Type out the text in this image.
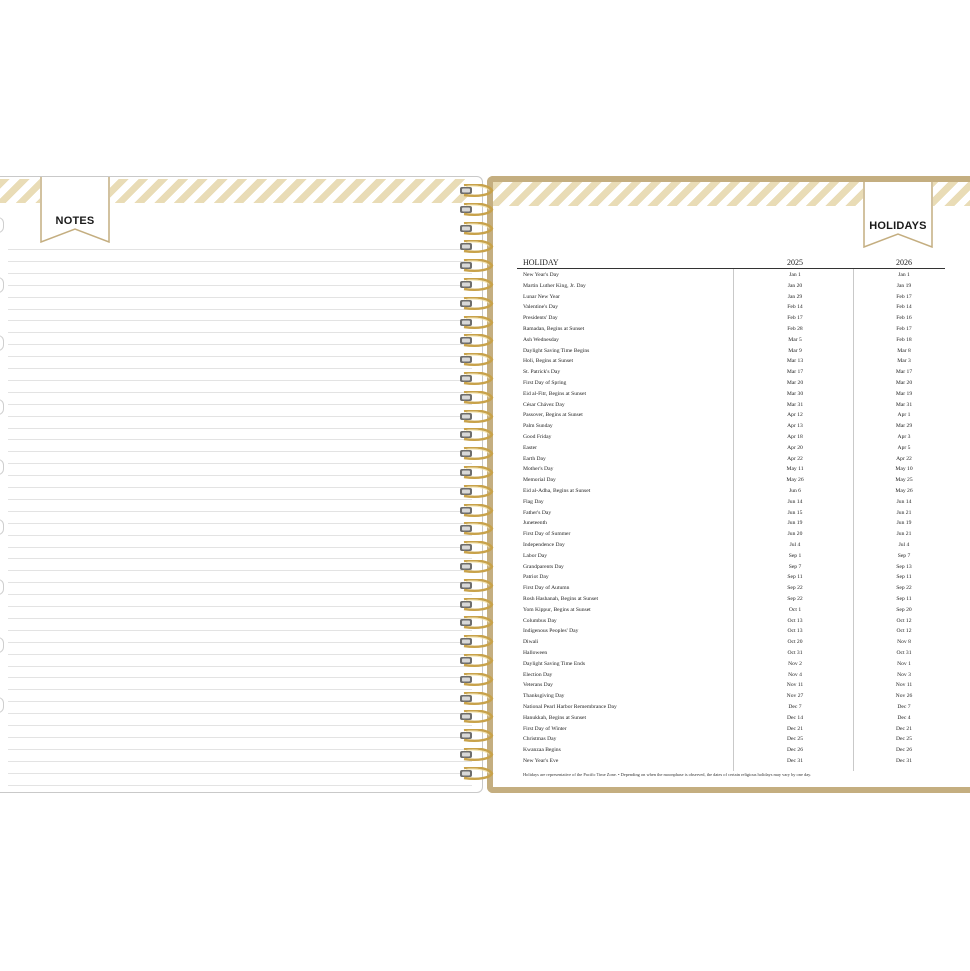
NOTES	HOLIDAYS
HOLIDAY	2025	2026
New Year's Day	Jan 1	Jan 1
Martin Luther King, Jr. Day	Jan 20	Jan 19
Lunar New Year	Jan 29	Feb 17
Valentine's Day	Feb 14	Feb 14
Presidents' Day	Feb 17	Feb 16
Ramadan, Begins at Sunset	Feb 28	Feb 17
Ash Wednesday	Mar 5	Feb 18
Daylight Saving Time Begins	Mar 9	Mar 8
Holi, Begins at Sunset	Mar 13	Mar 3
St. Patrick's Day	Mar 17	Mar 17
First Day of Spring	Mar 20	Mar 20
Eid al-Fitr, Begins at Sunset	Mar 30	Mar 19
César Chávez Day	Mar 31	Mar 31
Passover, Begins at Sunset	Apr 12	Apr 1
Palm Sunday	Apr 13	Mar 29
Good Friday	Apr 18	Apr 3
Easter	Apr 20	Apr 5
Earth Day	Apr 22	Apr 22
Mother's Day	May 11	May 10
Memorial Day	May 26	May 25
Eid al-Adha, Begins at Sunset	Jun 6	May 26
Flag Day	Jun 14	Jun 14
Father's Day	Jun 15	Jun 21
Juneteenth	Jun 19	Jun 19
First Day of Summer	Jun 20	Jun 21
Independence Day	Jul 4	Jul 4
Labor Day	Sep 1	Sep 7
Grandparents Day	Sep 7	Sep 13
Patriot Day	Sep 11	Sep 11
First Day of Autumn	Sep 22	Sep 22
Rosh Hashanah, Begins at Sunset	Sep 22	Sep 11
Yom Kippur, Begins at Sunset	Oct 1	Sep 20
Columbus Day	Oct 13	Oct 12
Indigenous Peoples' Day	Oct 13	Oct 12
Diwali	Oct 20	Nov 8
Halloween	Oct 31	Oct 31
Daylight Saving Time Ends	Nov 2	Nov 1
Election Day	Nov 4	Nov 3
Veterans Day	Nov 11	Nov 11
Thanksgiving Day	Nov 27	Nov 26
National Pearl Harbor Remembrance Day	Dec 7	Dec 7
Hanukkah, Begins at Sunset	Dec 14	Dec 4
First Day of Winter	Dec 21	Dec 21
Christmas Day	Dec 25	Dec 25
Kwanzaa Begins	Dec 26	Dec 26
New Year's Eve	Dec 31	Dec 31
Holidays are representative of the Pacific Time Zone. • Depending on when the moonphase is observed, the dates of certain religious holidays may vary by one day.
